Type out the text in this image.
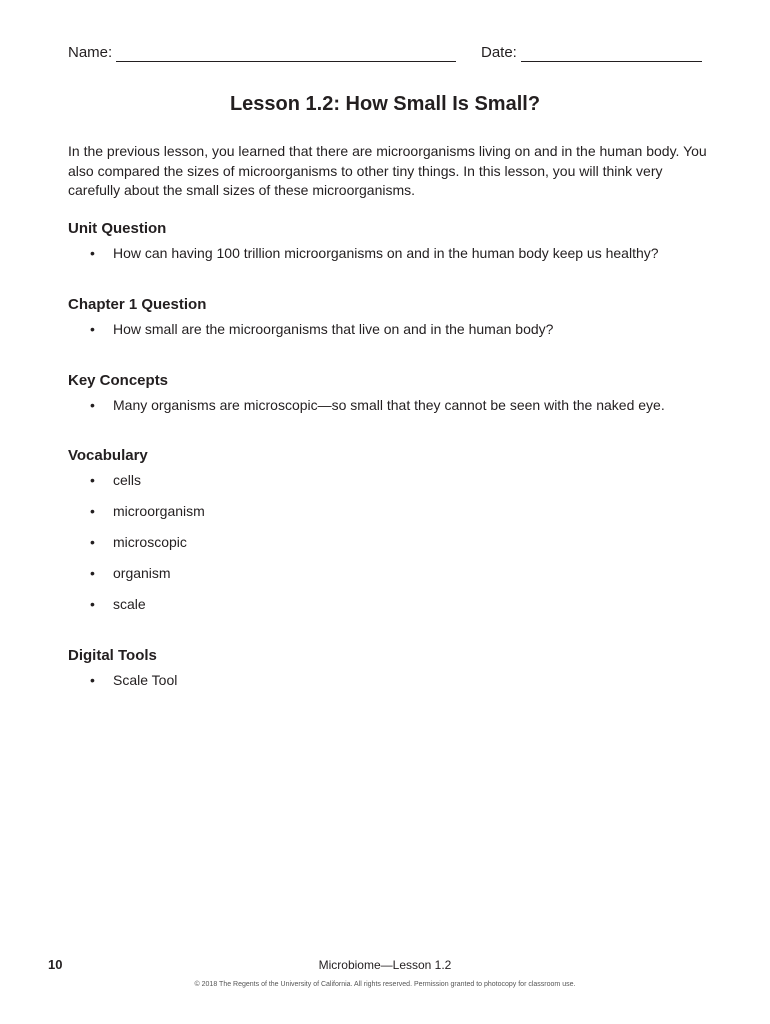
Name:	Date:
Lesson 1.2: How Small Is Small?

In the previous lesson, you learned that there are microorganisms living on and in the human body. You also compared the sizes of microorganisms to other tiny things. In this lesson, you will think very carefully about the small sizes of these microorganisms.

Unit Question
• How can having 100 trillion microorganisms on and in the human body keep us healthy?
Chapter 1 Question
• How small are the microorganisms that live on and in the human body?
Key Concepts
• Many organisms are microscopic—so small that they cannot be seen with the naked eye.
Vocabulary
• cells
• microorganism
• microscopic
• organism
• scale
Digital Tools
• Scale Tool
10	Microbiome—Lesson 1.2
© 2018 The Regents of the University of California. All rights reserved. Permission granted to photocopy for classroom use.
